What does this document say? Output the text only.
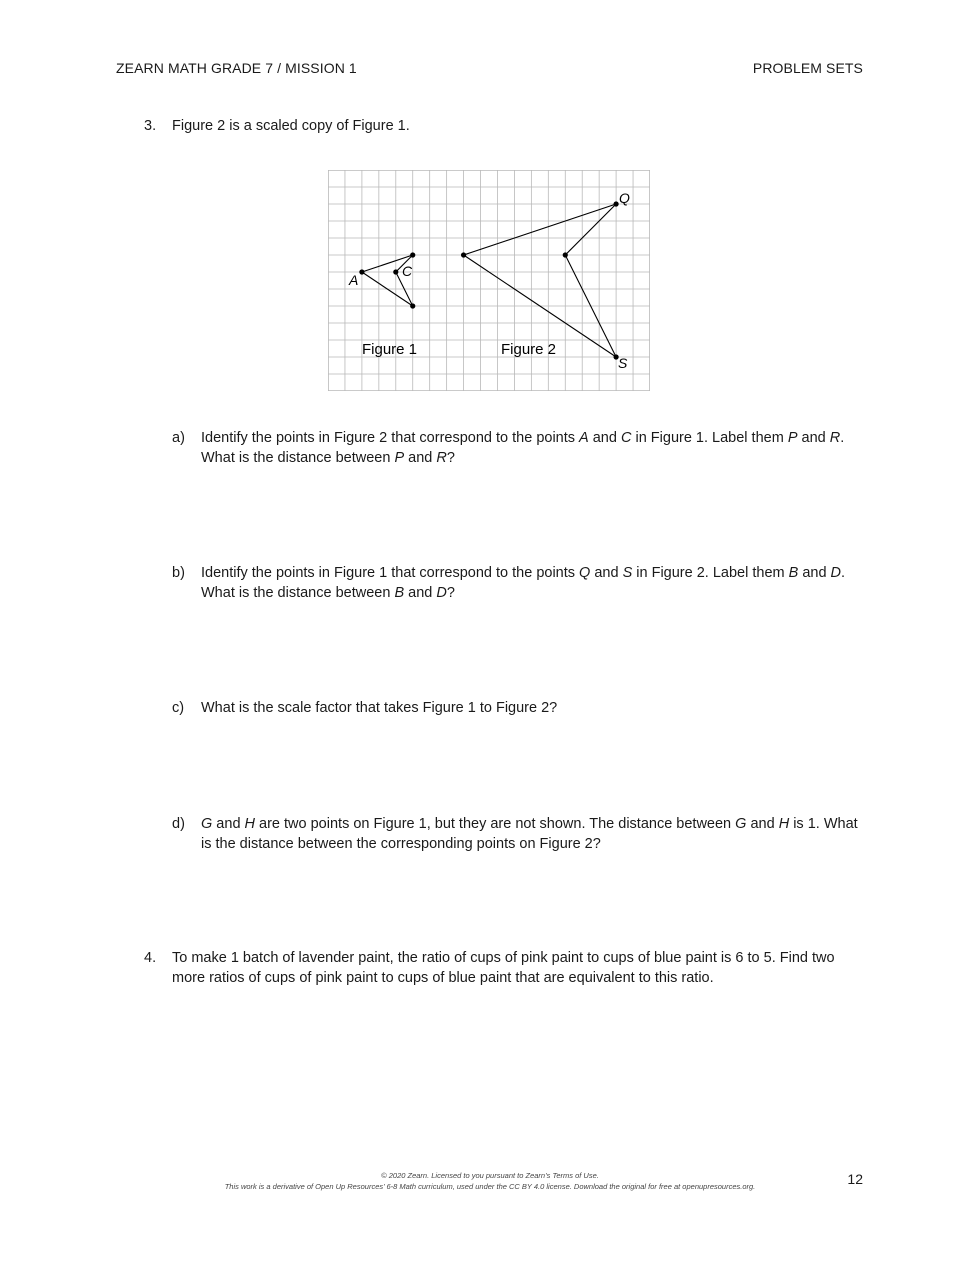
ZEARN MATH GRADE 7 / MISSION 1	PROBLEM SETS
3. Figure 2 is a scaled copy of Figure 1.
A
C
Q
S
Figure 1	Figure 2
a) Identify the points in Figure 2 that correspond to the points A and C in Figure 1. Label them P and R. What is the distance between P and R?
b) Identify the points in Figure 1 that correspond to the points Q and S in Figure 2. Label them B and D. What is the distance between B and D?
c) What is the scale factor that takes Figure 1 to Figure 2?
d) G and H are two points on Figure 1, but they are not shown. The distance between G and H is 1. What is the distance between the corresponding points on Figure 2?
4. To make 1 batch of lavender paint, the ratio of cups of pink paint to cups of blue paint is 6 to 5. Find two more ratios of cups of pink paint to cups of blue paint that are equivalent to this ratio.
© 2020 Zearn. Licensed to you pursuant to Zearn’s Terms of Use.
This work is a derivative of Open Up Resources’ 6-8 Math curriculum, used under the CC BY 4.0 license. Download the original for free at openupresources.org.	12
